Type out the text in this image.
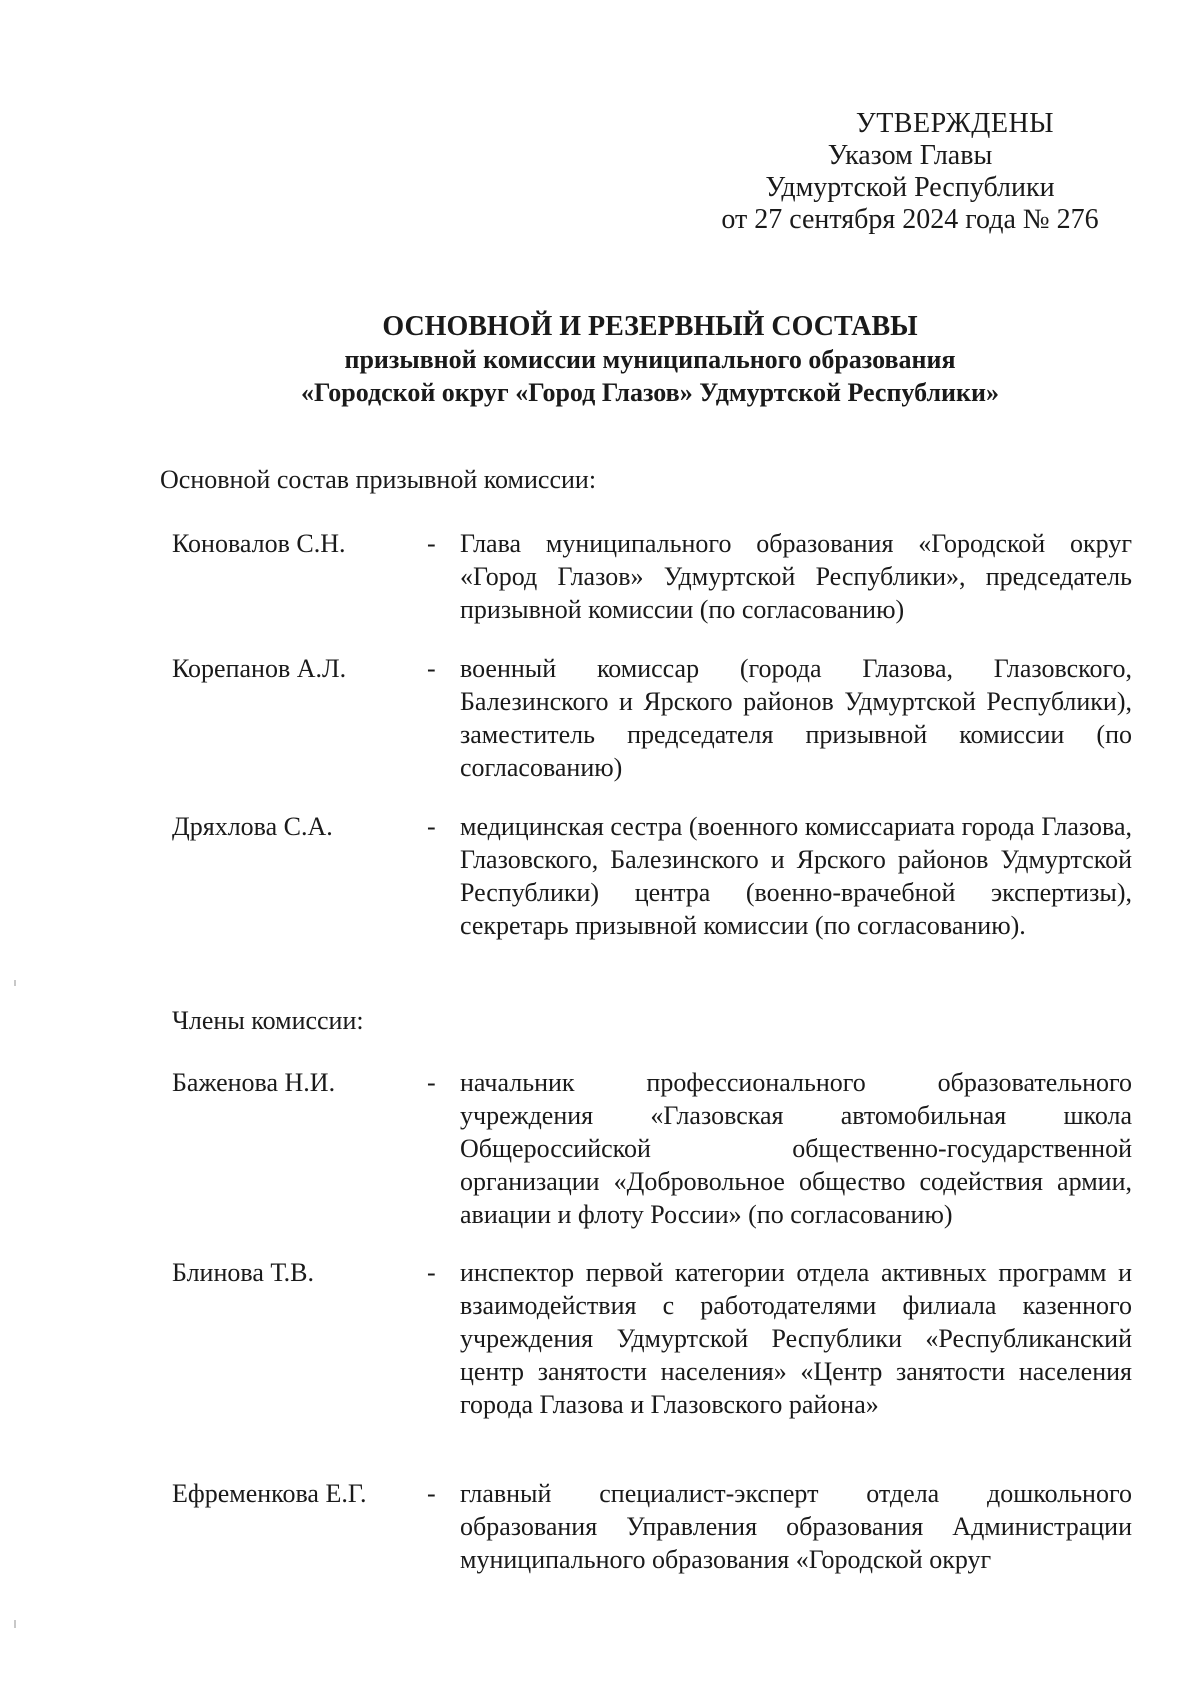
УТВЕРЖДЕНЫ
Указом Главы
Удмуртской Республики
от 27 сентября 2024 года № 276
ОСНОВНОЙ И РЕЗЕРВНЫЙ СОСТАВЫ
призывной комиссии муниципального образования
«Городской округ «Город Глазов» Удмуртской Республики»
Основной состав призывной комиссии:
Коновалов С.Н.	- Глава муниципального образования «Городской округ «Город Глазов» Удмуртской Республики», председатель призывной комиссии (по согласованию)
Корепанов А.Л.	- военный комиссар (города Глазова, Глазовского, Балезинского и Ярского районов Удмуртской Республики), заместитель председателя призывной комиссии (по согласованию)
Дряхлова С.А.	- медицинская сестра (военного комиссариата города Глазова, Глазовского, Балезинского и Ярского районов Удмуртской Республики) центра (военно-врачебной экспертизы), секретарь призывной комиссии (по согласованию).
Члены комиссии:
Баженова Н.И.	- начальник профессионального образовательного учреждения «Глазовская автомобильная школа Общероссийской общественно-государственной организации «Добровольное общество содействия армии, авиации и флоту России» (по согласованию)
Блинова Т.В.	- инспектор первой категории отдела активных программ и взаимодействия с работодателями филиала казенного учреждения Удмуртской Республики «Республиканский центр занятости населения» «Центр занятости населения города Глазова и Глазовского района»
Ефременкова Е.Г.	- главный специалист-эксперт отдела дошкольного образования Управления образования Администрации муниципального образования «Городской округ
